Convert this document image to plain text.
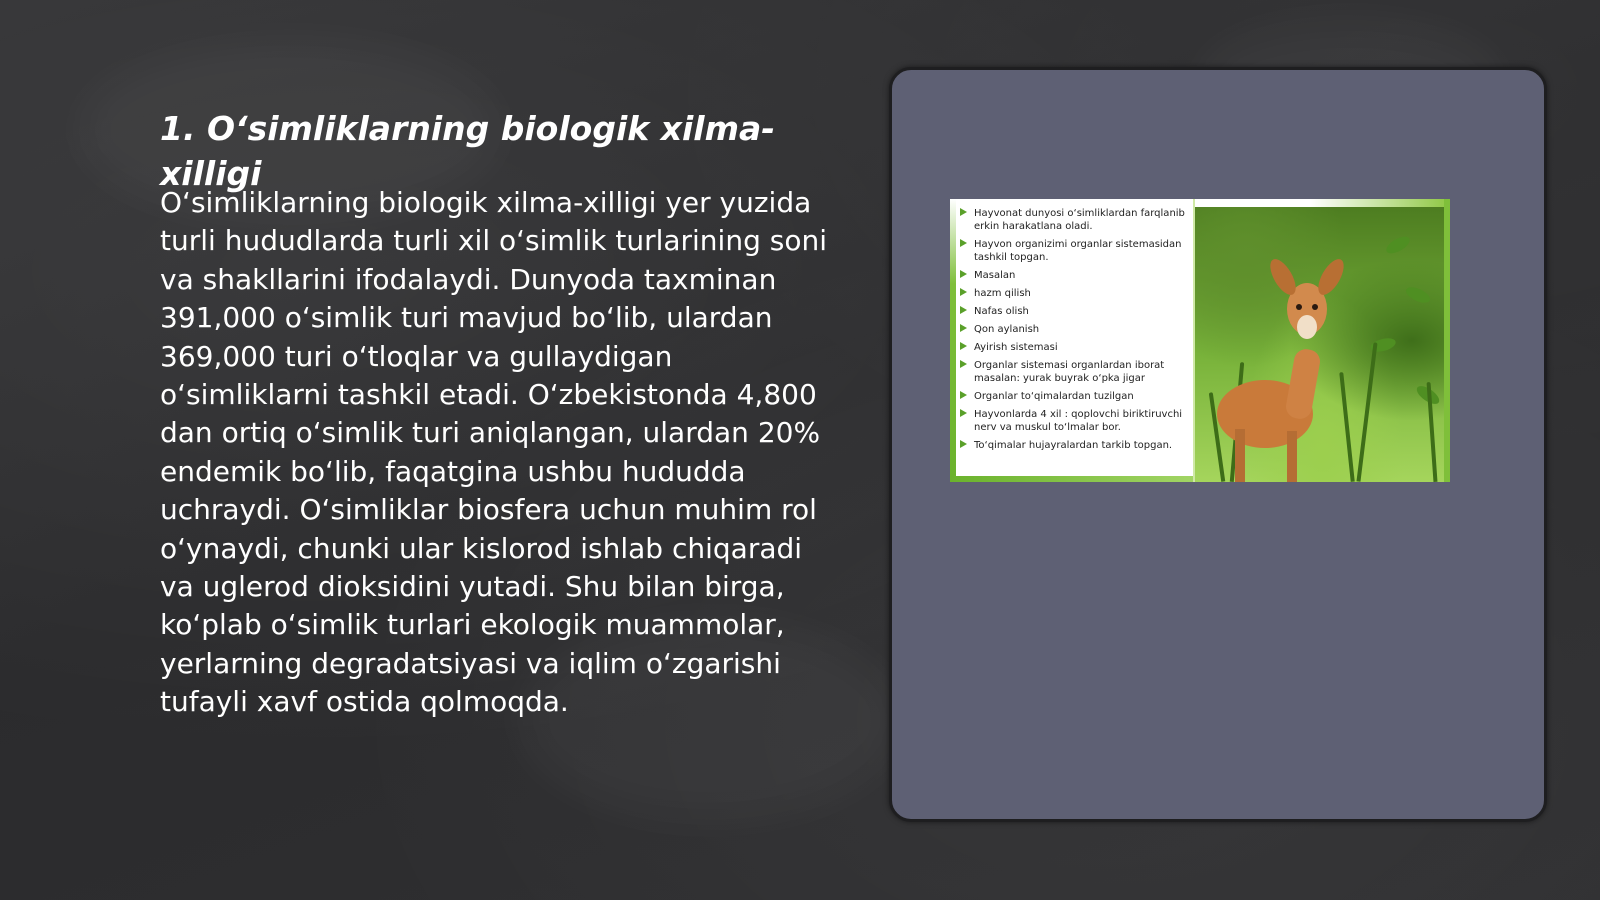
1. O‘simliklarning biologik xilma-xilligi

O‘simliklarning biologik xilma-xilligi yer yuzida turli hududlarda turli xil o‘simlik turlarining soni va shakllarini ifodalaydi. Dunyoda taxminan 391,000 o‘simlik turi mavjud bo‘lib, ulardan 369,000 turi o‘tloqlar va gullaydigan o‘simliklarni tashkil etadi. O‘zbekistonda 4,800 dan ortiq o‘simlik turi aniqlangan, ulardan 20% endemik bo‘lib, faqatgina ushbu hududda uchraydi. O‘simliklar biosfera uchun muhim rol o‘ynaydi, chunki ular kislorod ishlab chiqaradi va uglerod dioksidini yutadi. Shu bilan birga, ko‘plab o‘simlik turlari ekologik muammolar, yerlarning degradatsiyasi va iqlim o‘zgarishi tufayli xavf ostida qolmoqda.

Hayvonat dunyosi o‘simliklardan farqlanib erkin harakatlana oladi.
Hayvon organizimi organlar sistemasidan tashkil topgan.
Masalan
hazm qilish
Nafas olish
Qon aylanish
Ayirish sistemasi
Organlar sistemasi organlardan iborat masalan: yurak buyrak o‘pka jigar
Organlar to‘qimalardan tuzilgan
Hayvonlarda 4 xil : qoplovchi biriktiruvchi nerv va muskul to‘lmalar bor.
To‘qimalar hujayralardan tarkib topgan.
